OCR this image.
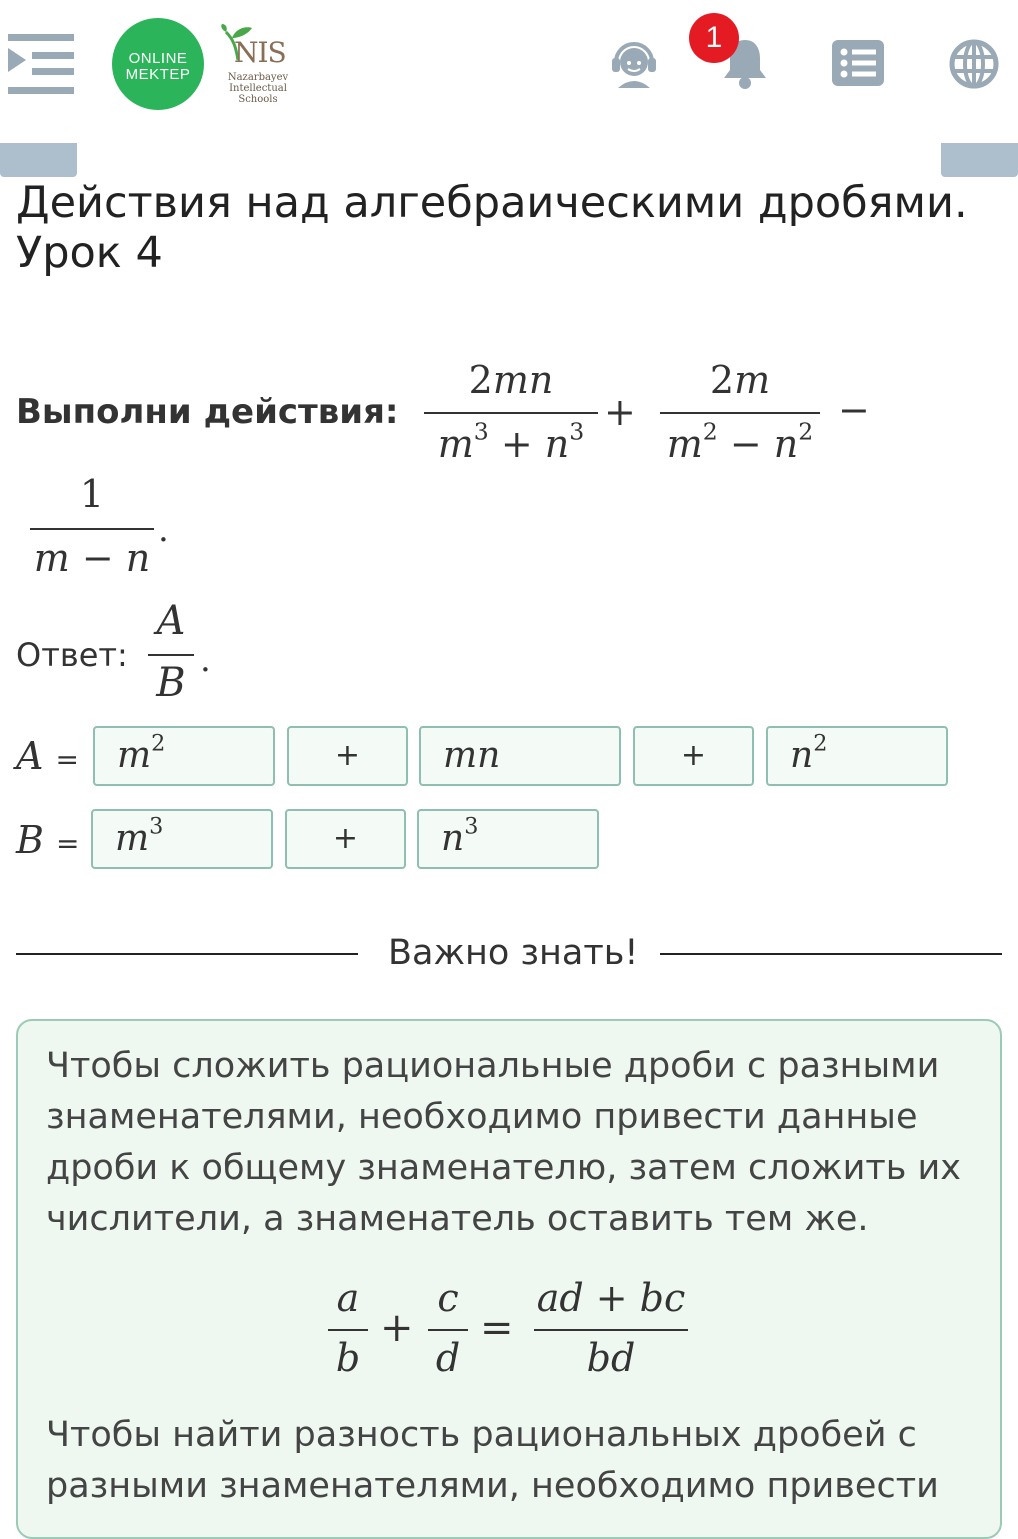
ONLINE
MEKTEP
NIS
Nazarbayev
Intellectual
Schools
1
Действия над алгебраическими дробями.
Урок 4
Выполни действия:
2mn
$m^3 + n^3$ +
2m
$m^2 - n^2$ −
1
m − n
.
Ответ:
A
B .
A =	$m^2$	+	mn	+	$n^2$
$B = m^3$	+	$n^3$
Важно знать!

Чтобы сложить рациональные дроби с разными знаменателями, необходимо привести данные дроби к общему знаменателю, затем сложить их числители, а знаменатель оставить тем же.

a
b
+
c
d
=
ad + bc
bd

Чтобы найти разность рациональных дробей с разными знаменателями, необходимо привести
